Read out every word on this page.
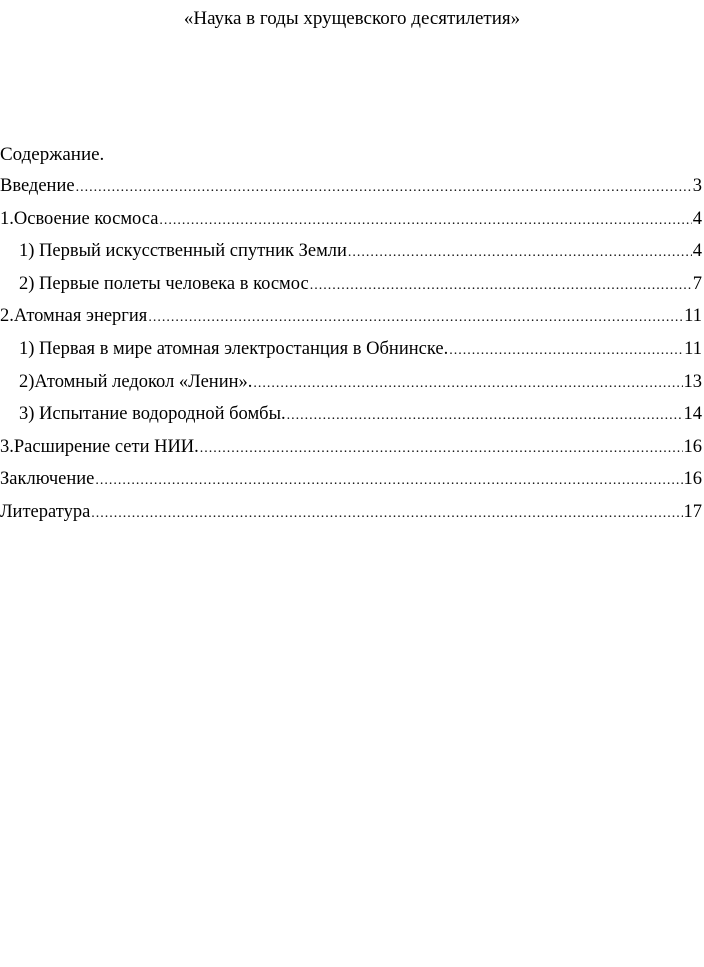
«Наука в годы хрущевского десятилетия»
Содержание.
Введение .....	3
1.Освоение космоса .....	4
1) Первый искусственный спутник Земли .....	4
2) Первые полеты человека в космос .....	7
2.Атомная энергия .....	11
1) Первая в мире атомная электростанция в Обнинске. .....	11
2)Атомный ледокол «Ленин». .....	13
3) Испытание водородной бомбы. .....	14
3.Расширение сети НИИ. .....	16
Заключение .....	16
Литература .....	17
